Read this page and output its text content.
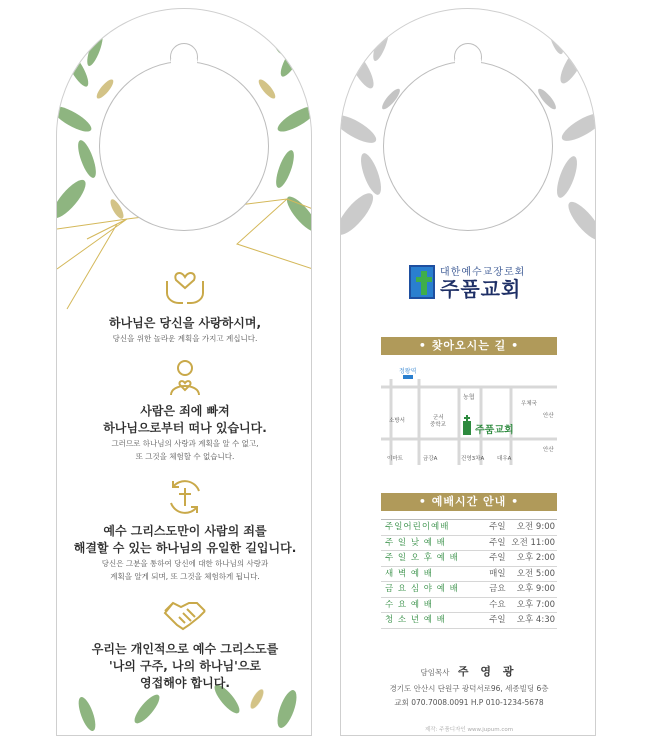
하나님은 당신을 사랑하시며,
당신을 위한 놀라운 계획을 가지고 계십니다.
사람은 죄에 빠져
하나님으로부터 떠나 있습니다.
그러므로 하나님의 사랑과 계획을 알 수 없고,
또 그것을 체험할 수 없습니다.
예수 그리스도만이 사람의 죄를
해결할 수 있는 하나님의 유일한 길입니다.
당신은 그분을 통하여 당신에 대한 하나님의 사랑과
계획을 알게 되며, 또 그것을 체험하게 됩니다.
우리는 개인적으로 예수 그리스도를
'나의 구주, 나의 하나님'으로
영접해야 합니다.
대한예수교장로회
주품교회
• 찾아오시는 길 •
정왕역
농협
우체국
소방서	군서
중학교
안산
안산
이마트	금강A	건영3차A 대우A
주품교회
• 예배시간 안내 •
주일어린이예배	주일	오전 9:00
주 일 낮 예 배	주일 오전 11:00
주 일 오 후 예 배	주일	오후 2:00
새 벽 예 배	매일	오전 5:00
금 요 심 야 예 배	금요	오후 9:00
수 요 예 배	수요	오후 7:00
청 소 년 예 배	주일	오후 4:30
담임목사 주 영 광
경기도 안산시 단원구 광덕서로96, 세종빌딩 6층
교회 070.7008.0091 H.P 010-1234-5678
제작: 주품디자인 www.jupum.com
